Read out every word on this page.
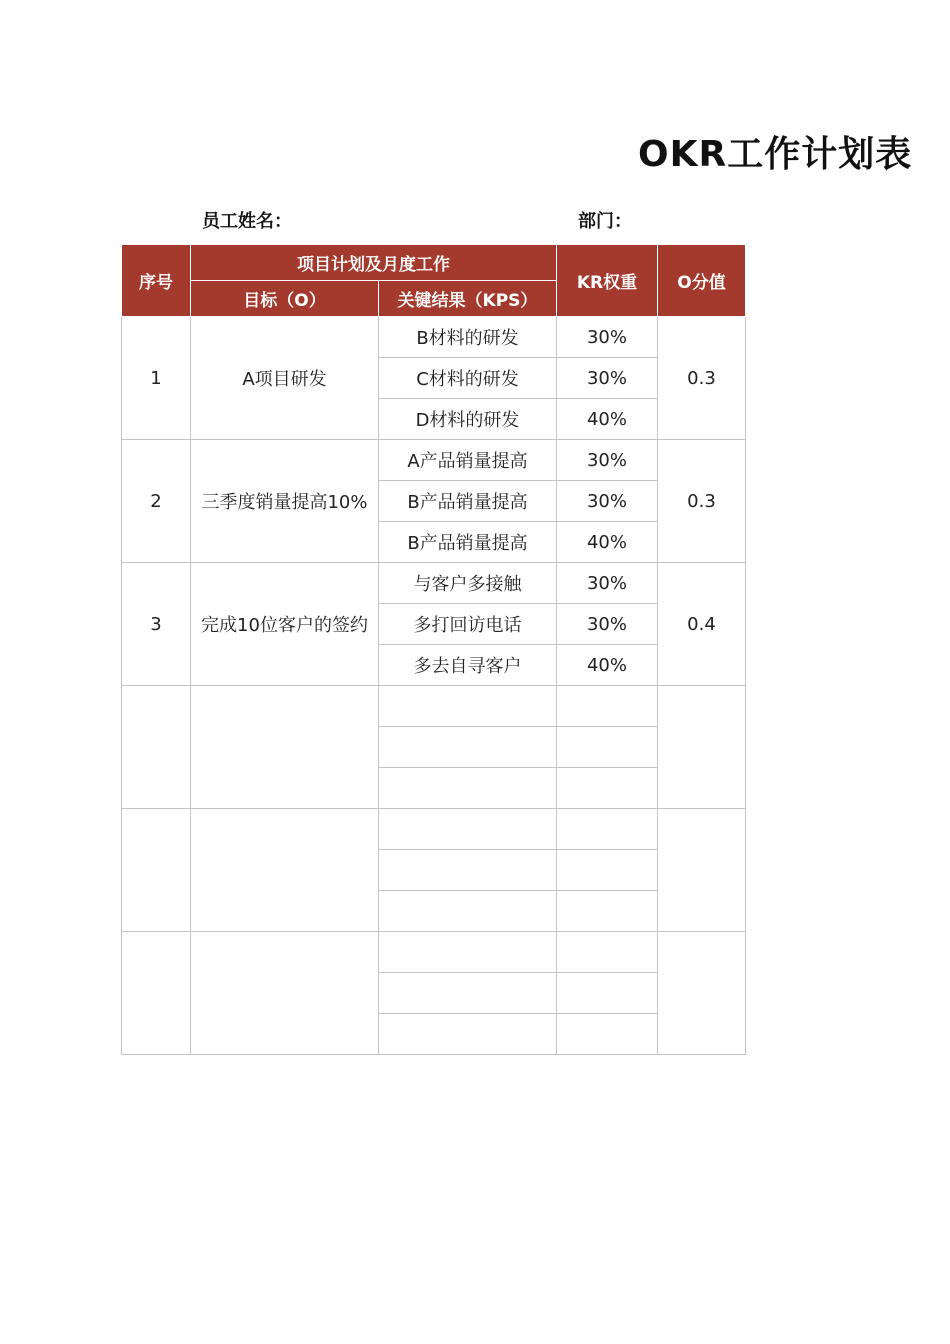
OKR工作计划表
员工姓名：	部门：
序号	项目计划及月度工作		KR权重	O分值
	目标（O）	关键结果（KPS）		
1	A项目研发	B材料的研发	30%	0.3
		C材料的研发	30%	
		D材料的研发	40%	
2	三季度销量提高10%	A产品销量提高	30%	0.3
		B产品销量提高	30%	
		B产品销量提高	40%	
3	完成10位客户的签约	与客户多接触	30%	0.4
		多打回访电话	30%	
		多去自寻客户	40%	
